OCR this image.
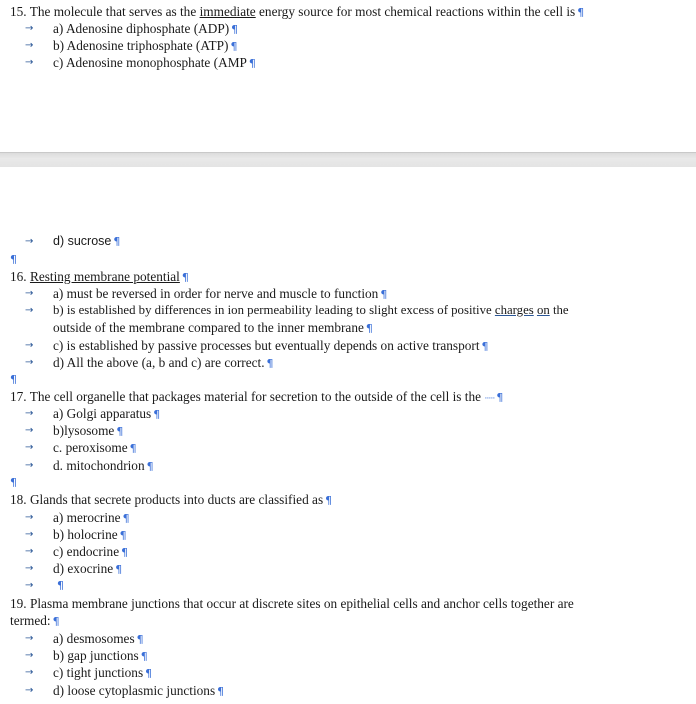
15. The molecule that serves as the immediate energy source for most chemical reactions within the cell is ¶
→ a) Adenosine diphosphate (ADP) ¶
→ b) Adenosine triphosphate (ATP) ¶
→ c) Adenosine monophosphate (AMP ¶
→ d) sucrose ¶
¶
16. Resting membrane potential ¶
→ a) must be reversed in order for nerve and muscle to function ¶
→ b) is established by differences in ion permeability leading to slight excess of positive charges on the
outside of the membrane compared to the inner membrane ¶
→ c) is established by passive processes but eventually depends on active transport ¶
→ d) All the above (a, b and c) are correct. ¶
¶
17. The cell organelle that packages material for secretion to the outside of the cell is the ····· ¶
→ a) Golgi apparatus ¶
→ b)lysosome ¶
→ c. peroxisome ¶
→ d. mitochondrion ¶
¶
18. Glands that secrete products into ducts are classified as ¶
→ a) merocrine ¶
→ b) holocrine ¶
→ c) endocrine ¶
→ d) exocrine ¶
→ ¶
19. Plasma membrane junctions that occur at discrete sites on epithelial cells and anchor cells together are
termed: ¶
→ a) desmosomes ¶
→ b) gap junctions ¶
→ c) tight junctions ¶
→ d) loose cytoplasmic junctions ¶
